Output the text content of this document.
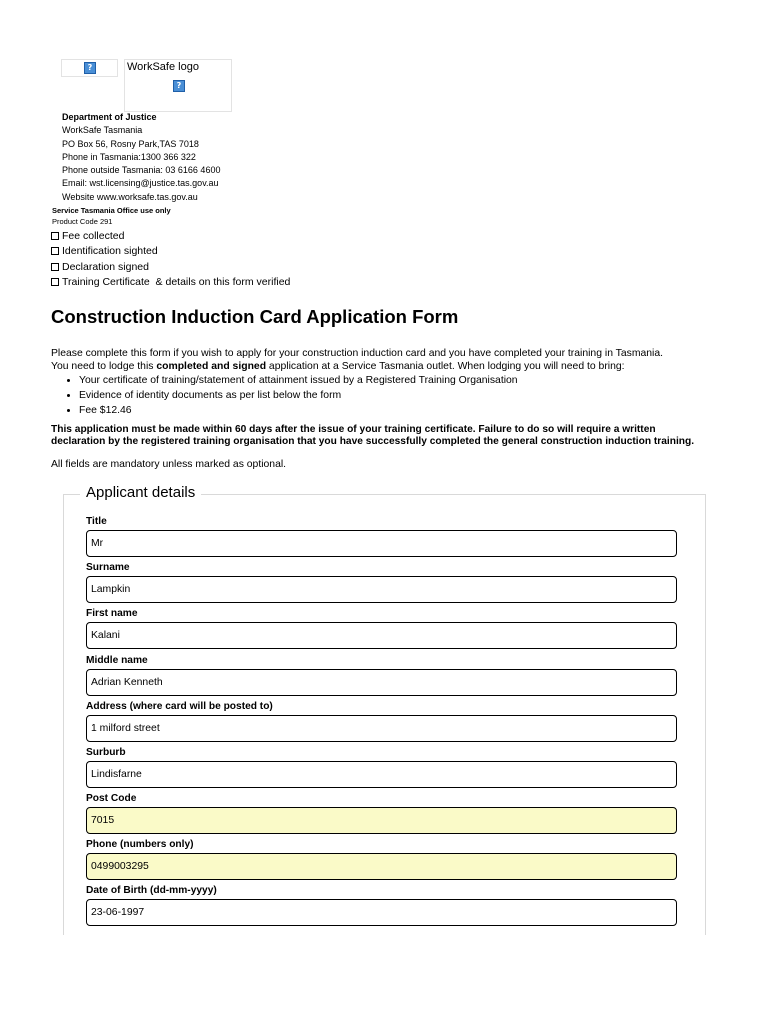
?	WorkSafe logo
?
Department of Justice
WorkSafe Tasmania
PO Box 56, Rosny Park,TAS 7018
Phone in Tasmania:1300 366 322
Phone outside Tasmania: 03 6166 4600
Email: wst.licensing@justice.tas.gov.au
Website www.worksafe.tas.gov.au
Service Tasmania Office use only
Product Code 291
Fee collected
Identification sighted
Declaration signed
Training Certificate  & details on this form verified
Construction Induction Card Application Form
Please complete this form if you wish to apply for your construction induction card and you have completed your training in Tasmania.
You need to lodge this completed and signed application at a Service Tasmania outlet. When lodging you will need to bring:
• Your certificate of training/statement of attainment issued by a Registered Training Organisation
• Evidence of identity documents as per list below the form
• Fee $12.46
This application must be made within 60 days after the issue of your training certificate. Failure to do so will require a written declaration by the registered training organisation that you have successfully completed the general construction induction training.
All fields are mandatory unless marked as optional.
Applicant details
Title
Mr
Surname
Lampkin
First name
Kalani
Middle name
Adrian Kenneth
Address (where card will be posted to)
1 milford street
Surburb
Lindisfarne
Post Code
7015
Phone (numbers only)
0499003295
Date of Birth (dd-mm-yyyy)
23-06-1997
